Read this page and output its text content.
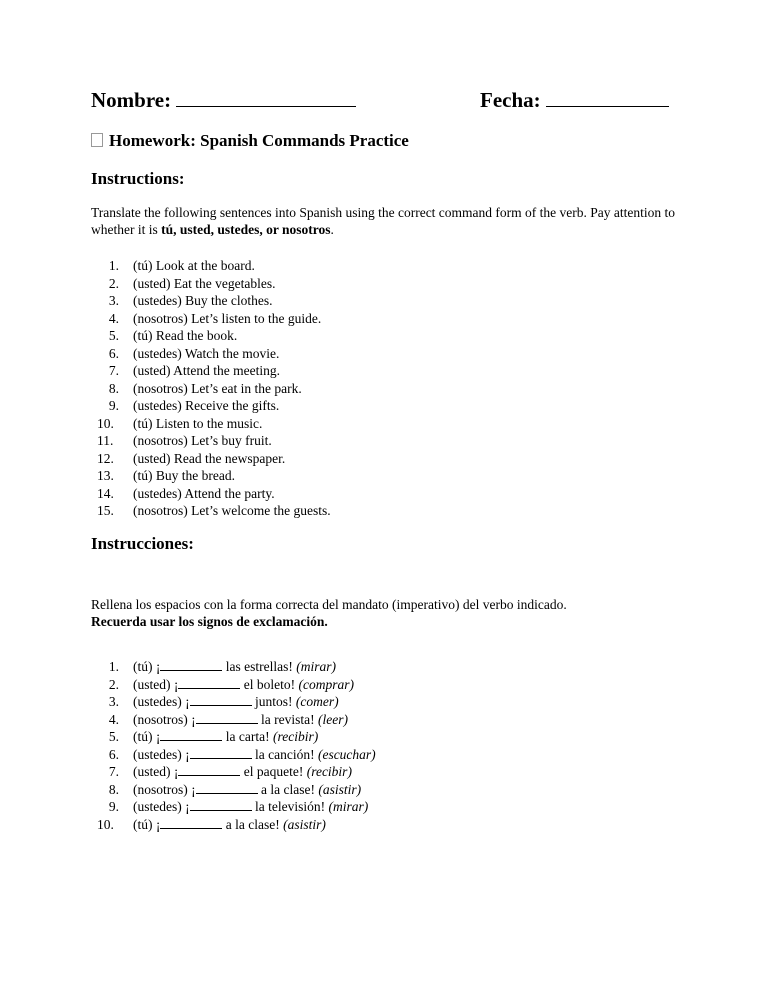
Nombre:	Fecha:
Homework: Spanish Commands Practice
Instructions:
Translate the following sentences into Spanish using the correct command form of the verb. Pay attention to whether it is tú, usted, ustedes, or nosotros.
1. (tú) Look at the board.
2. (usted) Eat the vegetables.
3. (ustedes) Buy the clothes.
4. (nosotros) Let’s listen to the guide.
5. (tú) Read the book.
6. (ustedes) Watch the movie.
7. (usted) Attend the meeting.
8. (nosotros) Let’s eat in the park.
9. (ustedes) Receive the gifts.
10.	(tú) Listen to the music.
11.	(nosotros) Let’s buy fruit.
12.	(usted) Read the newspaper.
13.	(tú) Buy the bread.
14.	(ustedes) Attend the party.
15.	(nosotros) Let’s welcome the guests.
Instrucciones:
Rellena los espacios con la forma correcta del mandato (imperativo) del verbo indicado.
Recuerda usar los signos de exclamación.
1. (tú) ¡	las estrellas! (mirar)
2. (usted) ¡	el boleto! (comprar)
3. (ustedes) ¡	juntos! (comer)
4. (nosotros) ¡	la revista! (leer)
5. (tú) ¡	la carta! (recibir)
6. (ustedes) ¡	la canción! (escuchar)
7. (usted) ¡	el paquete! (recibir)
8. (nosotros) ¡	a la clase! (asistir)
9. (ustedes) ¡	la televisión! (mirar)
10.	(tú) ¡	a la clase! (asistir)
